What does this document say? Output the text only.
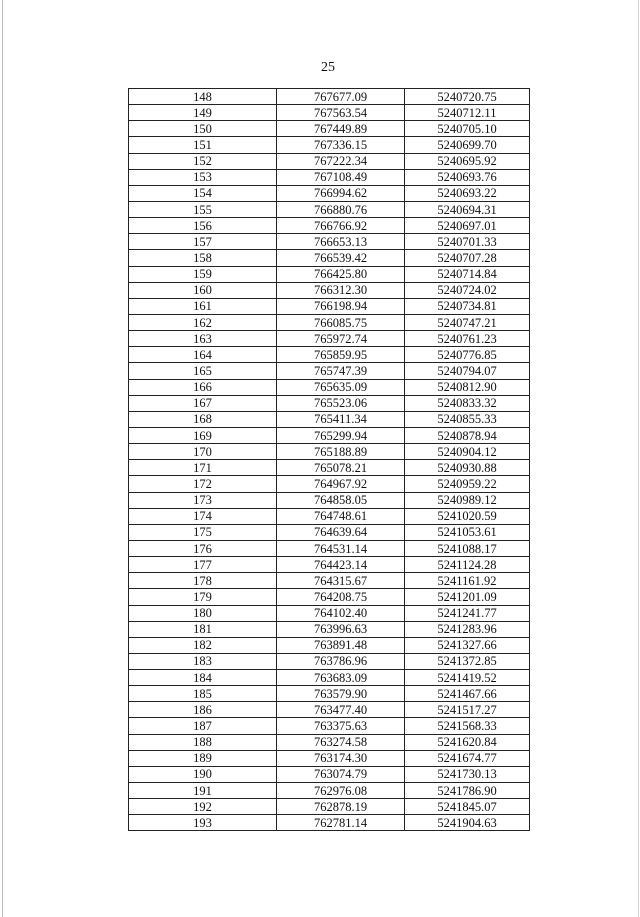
25
148	767677.09	5240720.75
149	767563.54	5240712.11
150	767449.89	5240705.10
151	767336.15	5240699.70
152	767222.34	5240695.92
153	767108.49	5240693.76
154	766994.62	5240693.22
155	766880.76	5240694.31
156	766766.92	5240697.01
157	766653.13	5240701.33
158	766539.42	5240707.28
159	766425.80	5240714.84
160	766312.30	5240724.02
161	766198.94	5240734.81
162	766085.75	5240747.21
163	765972.74	5240761.23
164	765859.95	5240776.85
165	765747.39	5240794.07
166	765635.09	5240812.90
167	765523.06	5240833.32
168	765411.34	5240855.33
169	765299.94	5240878.94
170	765188.89	5240904.12
171	765078.21	5240930.88
172	764967.92	5240959.22
173	764858.05	5240989.12
174	764748.61	5241020.59
175	764639.64	5241053.61
176	764531.14	5241088.17
177	764423.14	5241124.28
178	764315.67	5241161.92
179	764208.75	5241201.09
180	764102.40	5241241.77
181	763996.63	5241283.96
182	763891.48	5241327.66
183	763786.96	5241372.85
184	763683.09	5241419.52
185	763579.90	5241467.66
186	763477.40	5241517.27
187	763375.63	5241568.33
188	763274.58	5241620.84
189	763174.30	5241674.77
190	763074.79	5241730.13
191	762976.08	5241786.90
192	762878.19	5241845.07
193	762781.14	5241904.63
